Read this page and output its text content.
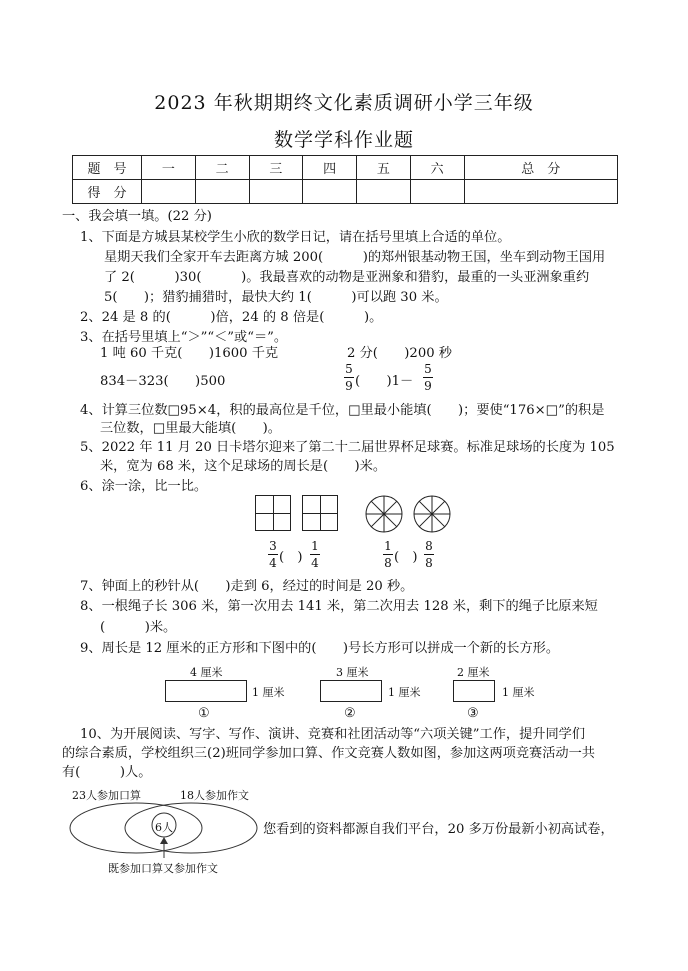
2023 年秋期期终文化素质调研小学三年级
数学学科作业题
题　号	一	二	三	四	五	六	总　分
得　分							
一、我会填一填。(22 分)
1、下面是方城县某校学生小欣的数学日记，请在括号里填上合适的单位。
星期天我们全家开车去距离方城 200(　　　)的郑州银基动物王国，坐车到动物王国用
了 2(　　　)30(　　　)。我最喜欢的动物是亚洲象和猎豹，最重的一头亚洲象重约
5(　　)；猎豹捕猎时，最快大约 1(　　　)可以跑 30 米。
2、24 是 8 的(　　　)倍，24 的 8 倍是(　　　)。
3、在括号里填上“＞”“＜”或“＝”。
1 吨 60 千克(　　)1600 千克	2 分(　　)200 秒
834－323(　　)500
5
9 (　　)1－
5
9
4、计算三位数□95×4，积的最高位是千位，□里最小能填(　　)；要使“176×□”的积是
三位数，□里最大能填(　　)。
5、2022 年 11 月 20 日卡塔尔迎来了第二十二届世界杯足球赛。标准足球场的长度为 105
米，宽为 68 米，这个足球场的周长是(　　)米。
6、涂一涂，比一比。
3
4 (　)
1
4
1
8 (　)
8
8
7、钟面上的秒针从(　　)走到 6，经过的时间是 20 秒。
8、一根绳子长 306 米，第一次用去 141 米，第二次用去 128 米，剩下的绳子比原来短
(　　　)米。
9、周长是 12 厘米的正方形和下图中的(　　)号长方形可以拼成一个新的长方形。
4 厘米
1 厘米
①
3 厘米
1 厘米
②
2 厘米
1 厘米
③
10、为开展阅读、写字、写作、演讲、竞赛和社团活动等“六项关键”工作，提升同学们
的综合素质，学校组织三(2)班同学参加口算、作文竞赛人数如图，参加这两项竞赛活动一共
有(　　　)人。
23人参加口算	18人参加作文
6人
既参加口算又参加作文
您看到的资料都源自我们平台，20 多万份最新小初高试卷，
